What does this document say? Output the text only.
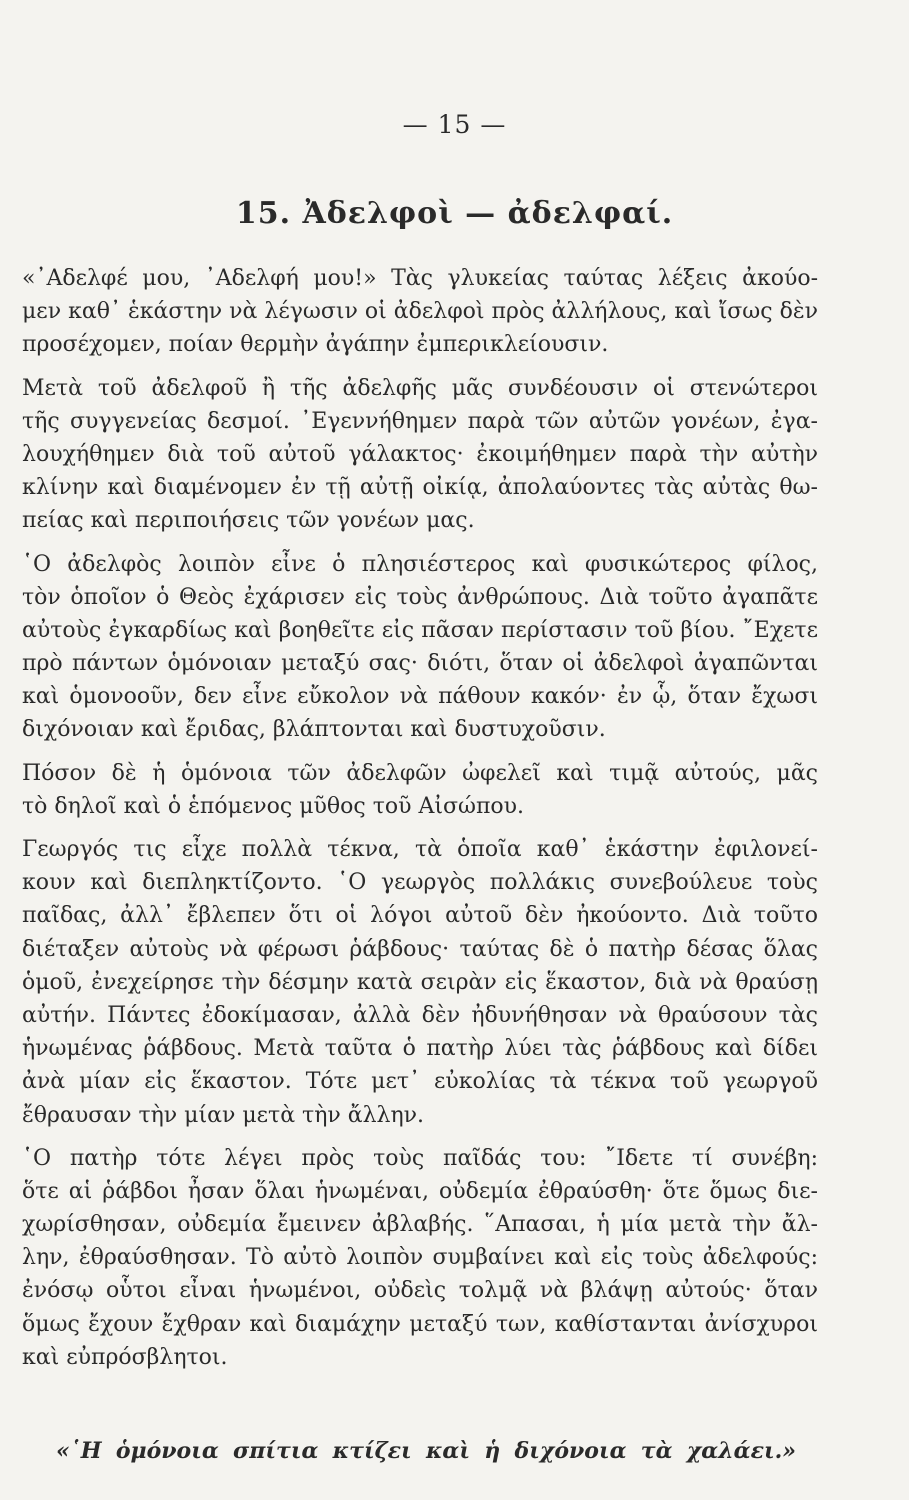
— 15 —
15. Ἀδελφοὶ — ἀδελφαί.
«᾿Αδελφέ μου, ᾿Αδελφή μου!» Τὰς γλυκείας ταύτας λέξεις ἀκούο-
μεν καθ᾿ ἑκάστην νὰ λέγωσιν οἱ ἀδελφοὶ πρὸς ἀλλήλους, καὶ ἴσως δὲν
προσέχομεν, ποίαν θερμὴν ἀγάπην ἐμπερικλείουσιν.
Μετὰ τοῦ ἀδελφοῦ ἢ τῆς ἀδελφῆς μᾶς συνδέουσιν οἱ στενώτεροι
τῆς συγγενείας δεσμοί. ᾿Εγεννήθημεν παρὰ τῶν αὐτῶν γονέων, ἐγα-
λουχήθημεν διὰ τοῦ αὐτοῦ γάλακτος· ἐκοιμήθημεν παρὰ τὴν αὐτὴν
κλίνην καὶ διαμένομεν ἐν τῇ αὐτῇ οἰκίᾳ, ἀπολαύοντες τὰς αὐτὰς θω-
πείας καὶ περιποιήσεις τῶν γονέων μας.
῾Ο ἀδελφὸς λοιπὸν εἶνε ὁ πλησιέστερος καὶ φυσικώτερος φίλος,
τὸν ὁποῖον ὁ Θεὸς ἐχάρισεν εἰς τοὺς ἀνθρώπους. Διὰ τοῦτο ἀγαπᾶτε
αὐτοὺς ἐγκαρδίως καὶ βοηθεῖτε εἰς πᾶσαν περίστασιν τοῦ βίου. ῎Εχετε
πρὸ πάντων ὁμόνοιαν μεταξύ σας· διότι, ὅταν οἱ ἀδελφοὶ ἀγαπῶνται
καὶ ὁμονοοῦν, δεν εἶνε εὔκολον νὰ πάθουν κακόν· ἐν ᾧ, ὅταν ἔχωσι
διχόνοιαν καὶ ἔριδας, βλάπτονται καὶ δυστυχοῦσιν.
Πόσον δὲ ἡ ὁμόνοια τῶν ἀδελφῶν ὠφελεῖ καὶ τιμᾷ αὐτούς, μᾶς
τὸ δηλοῖ καὶ ὁ ἑπόμενος μῦθος τοῦ Αἰσώπου.
Γεωργός τις εἶχε πολλὰ τέκνα, τὰ ὁποῖα καθ᾿ ἑκάστην ἐφιλονεί-
κουν καὶ διεπληκτίζοντο. ῾Ο γεωργὸς πολλάκις συνεβούλευε τοὺς
παῖδας, ἀλλ᾿ ἔβλεπεν ὅτι οἱ λόγοι αὐτοῦ δὲν ἠκούοντο. Διὰ τοῦτο
διέταξεν αὐτοὺς νὰ φέρωσι ῥάβδους· ταύτας δὲ ὁ πατὴρ δέσας ὅλας
ὁμοῦ, ἐνεχείρησε τὴν δέσμην κατὰ σειρὰν εἰς ἕκαστον, διὰ νὰ θραύσῃ
αὐτήν. Πάντες ἐδοκίμασαν, ἀλλὰ δὲν ἠδυνήθησαν νὰ θραύσουν τὰς
ἡνωμένας ῥάβδους. Μετὰ ταῦτα ὁ πατὴρ λύει τὰς ῥάβδους καὶ δίδει
ἀνὰ μίαν εἰς ἕκαστον. Τότε μετ᾿ εὐκολίας τὰ τέκνα τοῦ γεωργοῦ
ἔθραυσαν τὴν μίαν μετὰ τὴν ἄλλην.
῾Ο πατὴρ τότε λέγει πρὸς τοὺς παῖδάς του: ῎Ιδετε τί συνέβη:
ὅτε αἱ ῥάβδοι ἦσαν ὅλαι ἡνωμέναι, οὐδεμία ἐθραύσθη· ὅτε ὅμως διε-
χωρίσθησαν, οὐδεμία ἔμεινεν ἀβλαβής. ῞Απασαι, ἡ μία μετὰ τὴν ἄλ-
λην, ἐθραύσθησαν. Τὸ αὐτὸ λοιπὸν συμβαίνει καὶ εἰς τοὺς ἀδελφούς:
ἐνόσῳ οὗτοι εἶναι ἡνωμένοι, οὐδεὶς τολμᾷ νὰ βλάψῃ αὐτούς· ὅταν
ὅμως ἔχουν ἔχθραν καὶ διαμάχην μεταξύ των, καθίστανται ἀνίσχυροι
καὶ εὐπρόσβλητοι.
«῾Η ὁμόνοια σπίτια κτίζει καὶ ἡ διχόνοια τὰ χαλάει.»
